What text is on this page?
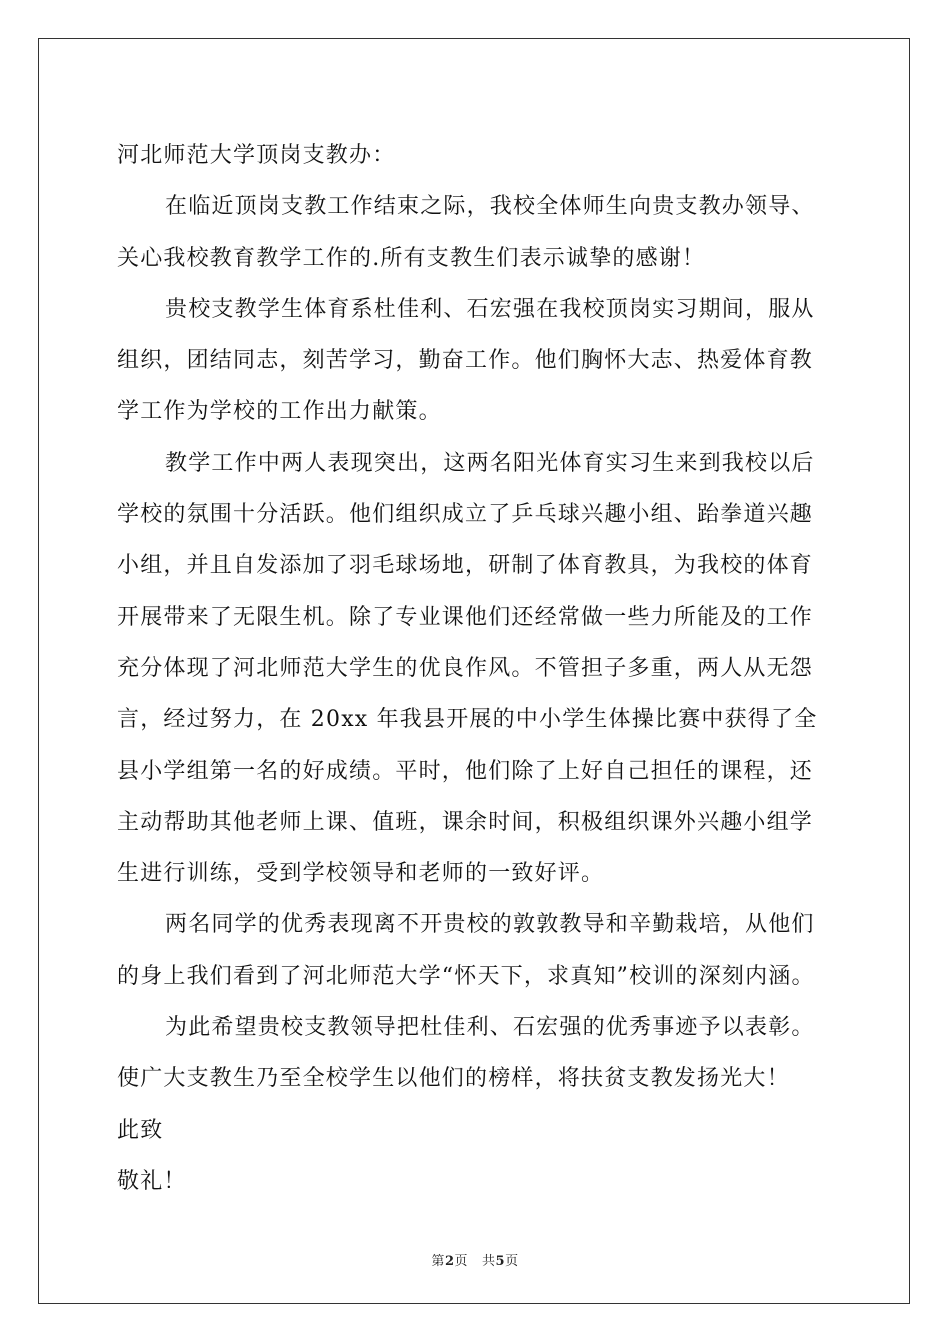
河北师范大学顶岗支教办：
在临近顶岗支教工作结束之际，我校全体师生向贵支教办领导、
关心我校教育教学工作的.所有支教生们表示诚挚的感谢！
贵校支教学生体育系杜佳利、石宏强在我校顶岗实习期间，服从
组织，团结同志，刻苦学习，勤奋工作。他们胸怀大志、热爱体育教
学工作为学校的工作出力献策。
教学工作中两人表现突出，这两名阳光体育实习生来到我校以后
学校的氛围十分活跃。他们组织成立了乒乓球兴趣小组、跆拳道兴趣
小组，并且自发添加了羽毛球场地，研制了体育教具，为我校的体育
开展带来了无限生机。除了专业课他们还经常做一些力所能及的工作
充分体现了河北师范大学生的优良作风。不管担子多重，两人从无怨
言，经过努力，在 20xx 年我县开展的中小学生体操比赛中获得了全
县小学组第一名的好成绩。平时，他们除了上好自己担任的课程，还
主动帮助其他老师上课、值班，课余时间，积极组织课外兴趣小组学
生进行训练，受到学校领导和老师的一致好评。
两名同学的优秀表现离不开贵校的敦敦教导和辛勤栽培，从他们
的身上我们看到了河北师范大学“怀天下，求真知”校训的深刻内涵。
为此希望贵校支教领导把杜佳利、石宏强的优秀事迹予以表彰。
使广大支教生乃至全校学生以他们的榜样，将扶贫支教发扬光大！
此致
敬礼！
第2页 共5页
